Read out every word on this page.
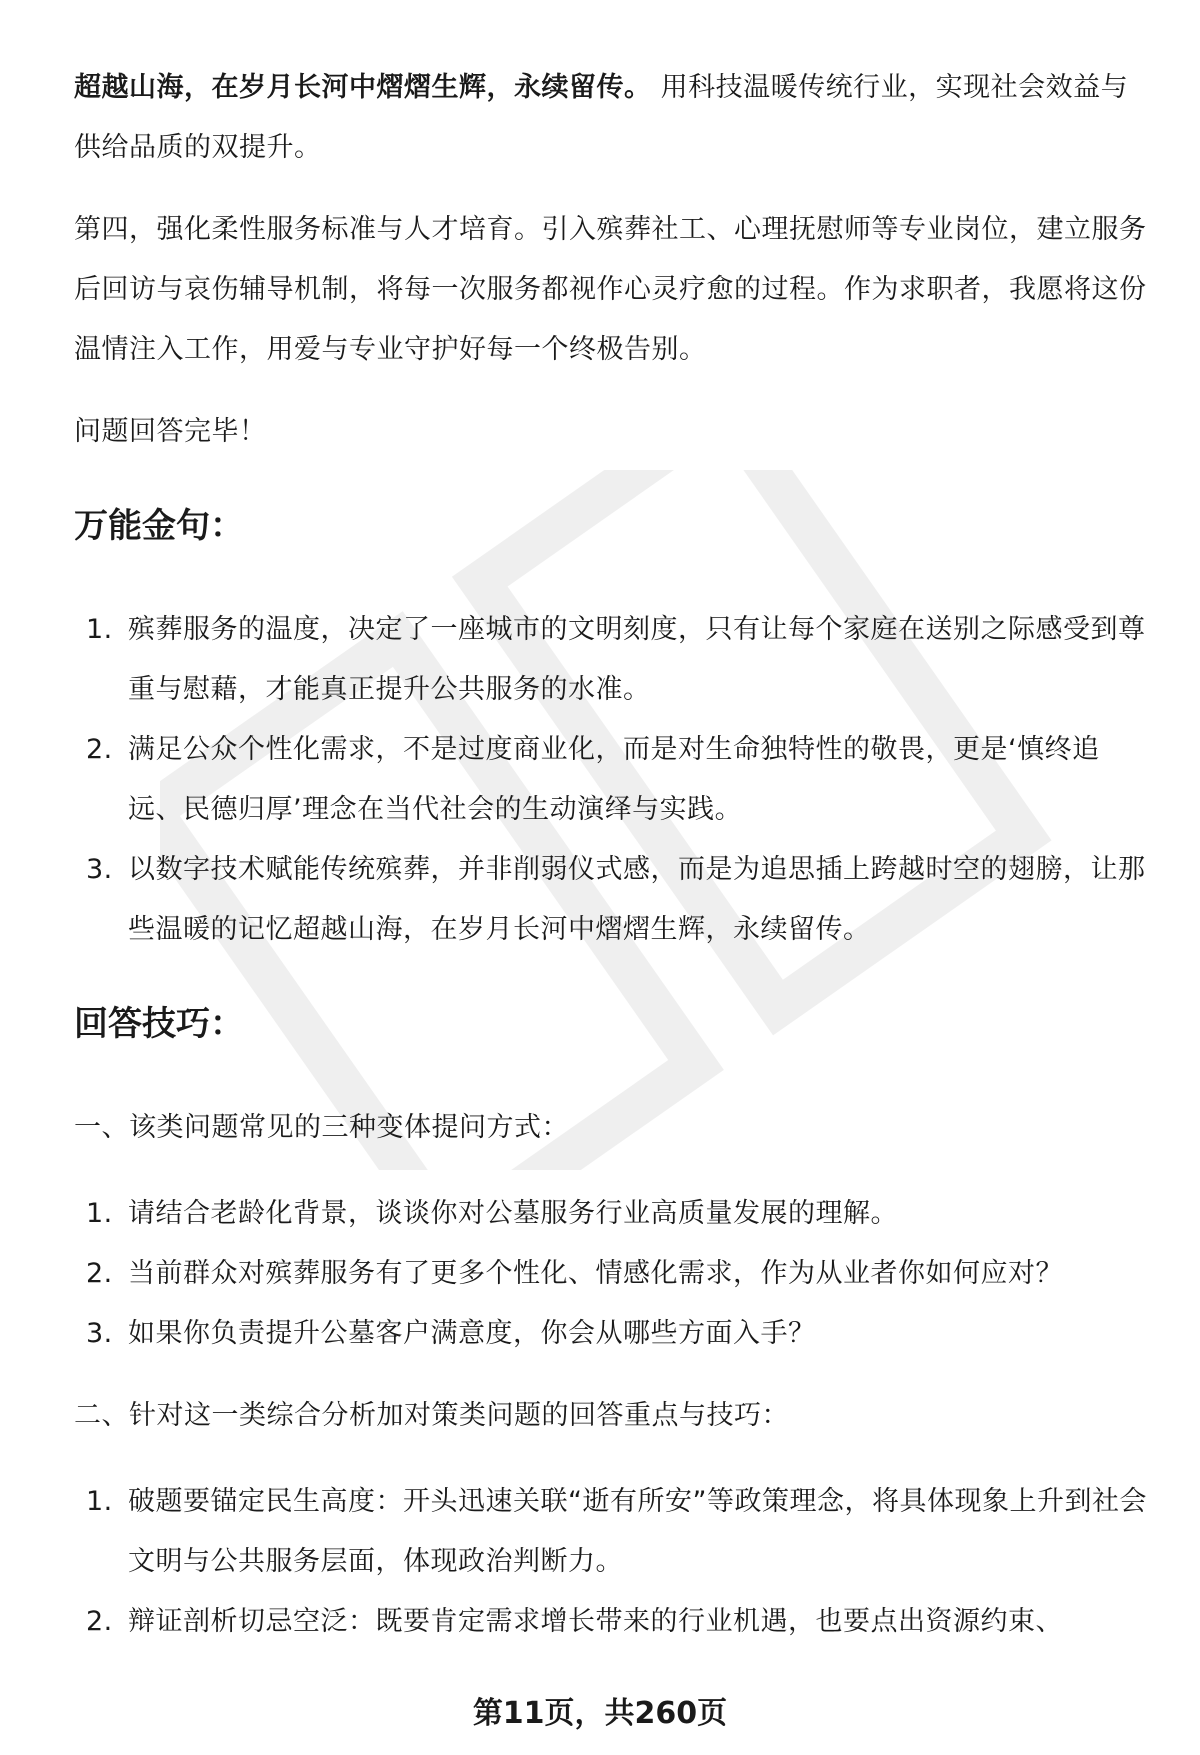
超越山海，在岁月长河中熠熠生辉，永续留传。 用科技温暖传统行业，实现社会效益与供给品质的双提升。

第四，强化柔性服务标准与人才培育。引入殡葬社工、心理抚慰师等专业岗位，建立服务后回访与哀伤辅导机制，将每一次服务都视作心灵疗愈的过程。作为求职者，我愿将这份温情注入工作，用爱与专业守护好每一个终极告别。

问题回答完毕！

万能金句：
1. 殡葬服务的温度，决定了一座城市的文明刻度，只有让每个家庭在送别之际感受到尊重与慰藉，才能真正提升公共服务的水准。
2. 满足公众个性化需求，不是过度商业化，而是对生命独特性的敬畏，更是‘慎终追远、民德归厚’理念在当代社会的生动演绎与实践。
3. 以数字技术赋能传统殡葬，并非削弱仪式感，而是为追思插上跨越时空的翅膀，让那些温暖的记忆超越山海，在岁月长河中熠熠生辉，永续留传。
回答技巧：

一、该类问题常见的三种变体提问方式：

1. 请结合老龄化背景，谈谈你对公墓服务行业高质量发展的理解。
2. 当前群众对殡葬服务有了更多个性化、情感化需求，作为从业者你如何应对？
3. 如果你负责提升公墓客户满意度，你会从哪些方面入手？

二、针对这一类综合分析加对策类问题的回答重点与技巧：

1. 破题要锚定民生高度：开头迅速关联“逝有所安”等政策理念，将具体现象上升到社会文明与公共服务层面，体现政治判断力。
2. 辩证剖析切忌空泛：既要肯定需求增长带来的行业机遇，也要点出资源约束、
第11页，共260页
